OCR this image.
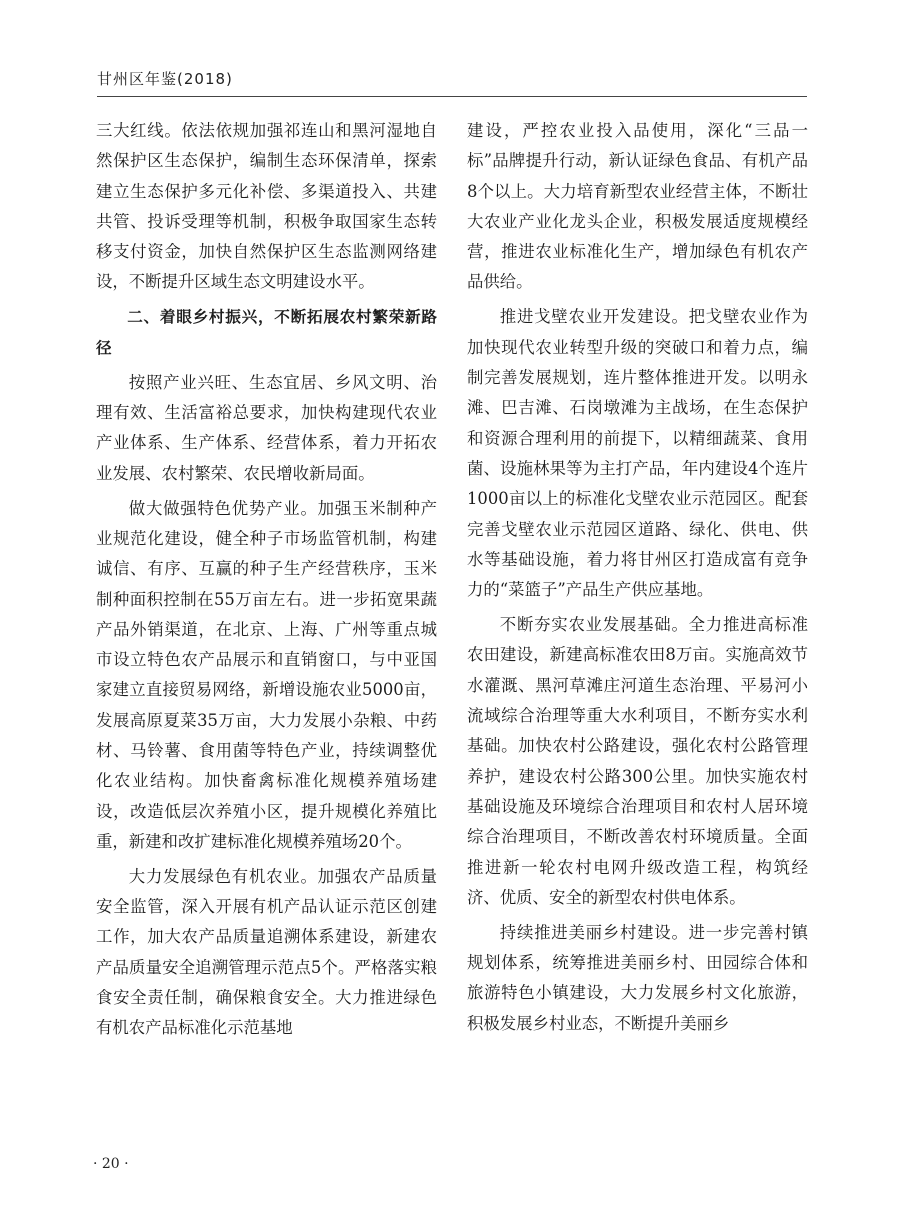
甘州区年鉴(2018)

三大红线。依法依规加强祁连山和黑河湿地自然保护区生态保护，编制生态环保清单，探索建立生态保护多元化补偿、多渠道投入、共建共管、投诉受理等机制，积极争取国家生态转移支付资金，加快自然保护区生态监测网络建设，不断提升区域生态文明建设水平。

二、着眼乡村振兴，不断拓展农村繁荣新路径

按照产业兴旺、生态宜居、乡风文明、治理有效、生活富裕总要求，加快构建现代农业产业体系、生产体系、经营体系，着力开拓农业发展、农村繁荣、农民增收新局面。

做大做强特色优势产业。加强玉米制种产业规范化建设，健全种子市场监管机制，构建诚信、有序、互赢的种子生产经营秩序，玉米制种面积控制在55万亩左右。进一步拓宽果蔬产品外销渠道，在北京、上海、广州等重点城市设立特色农产品展示和直销窗口，与中亚国家建立直接贸易网络，新增设施农业5000亩，发展高原夏菜35万亩，大力发展小杂粮、中药材、马铃薯、食用菌等特色产业，持续调整优化农业结构。加快畜禽标准化规模养殖场建设，改造低层次养殖小区，提升规模化养殖比重，新建和改扩建标准化规模养殖场20个。

大力发展绿色有机农业。加强农产品质量安全监管，深入开展有机产品认证示范区创建工作，加大农产品质量追溯体系建设，新建农产品质量安全追溯管理示范点5个。严格落实粮食安全责任制，确保粮食安全。大力推进绿色有机农产品标准化示范基地

建设，严控农业投入品使用，深化“三品一标”品牌提升行动，新认证绿色食品、有机产品8个以上。大力培育新型农业经营主体，不断壮大农业产业化龙头企业，积极发展适度规模经营，推进农业标准化生产，增加绿色有机农产品供给。

推进戈壁农业开发建设。把戈壁农业作为加快现代农业转型升级的突破口和着力点，编制完善发展规划，连片整体推进开发。以明永滩、巴吉滩、石岗墩滩为主战场，在生态保护和资源合理利用的前提下，以精细蔬菜、食用菌、设施林果等为主打产品，年内建设4个连片1000亩以上的标准化戈壁农业示范园区。配套完善戈壁农业示范园区道路、绿化、供电、供水等基础设施，着力将甘州区打造成富有竞争力的“菜篮子”产品生产供应基地。

不断夯实农业发展基础。全力推进高标准农田建设，新建高标准农田8万亩。实施高效节水灌溉、黑河草滩庄河道生态治理、平易河小流域综合治理等重大水利项目，不断夯实水利基础。加快农村公路建设，强化农村公路管理养护，建设农村公路300公里。加快实施农村基础设施及环境综合治理项目和农村人居环境综合治理项目，不断改善农村环境质量。全面推进新一轮农村电网升级改造工程，构筑经济、优质、安全的新型农村供电体系。

持续推进美丽乡村建设。进一步完善村镇规划体系，统筹推进美丽乡村、田园综合体和旅游特色小镇建设，大力发展乡村文化旅游，积极发展乡村业态，不断提升美丽乡

· 20 ·
